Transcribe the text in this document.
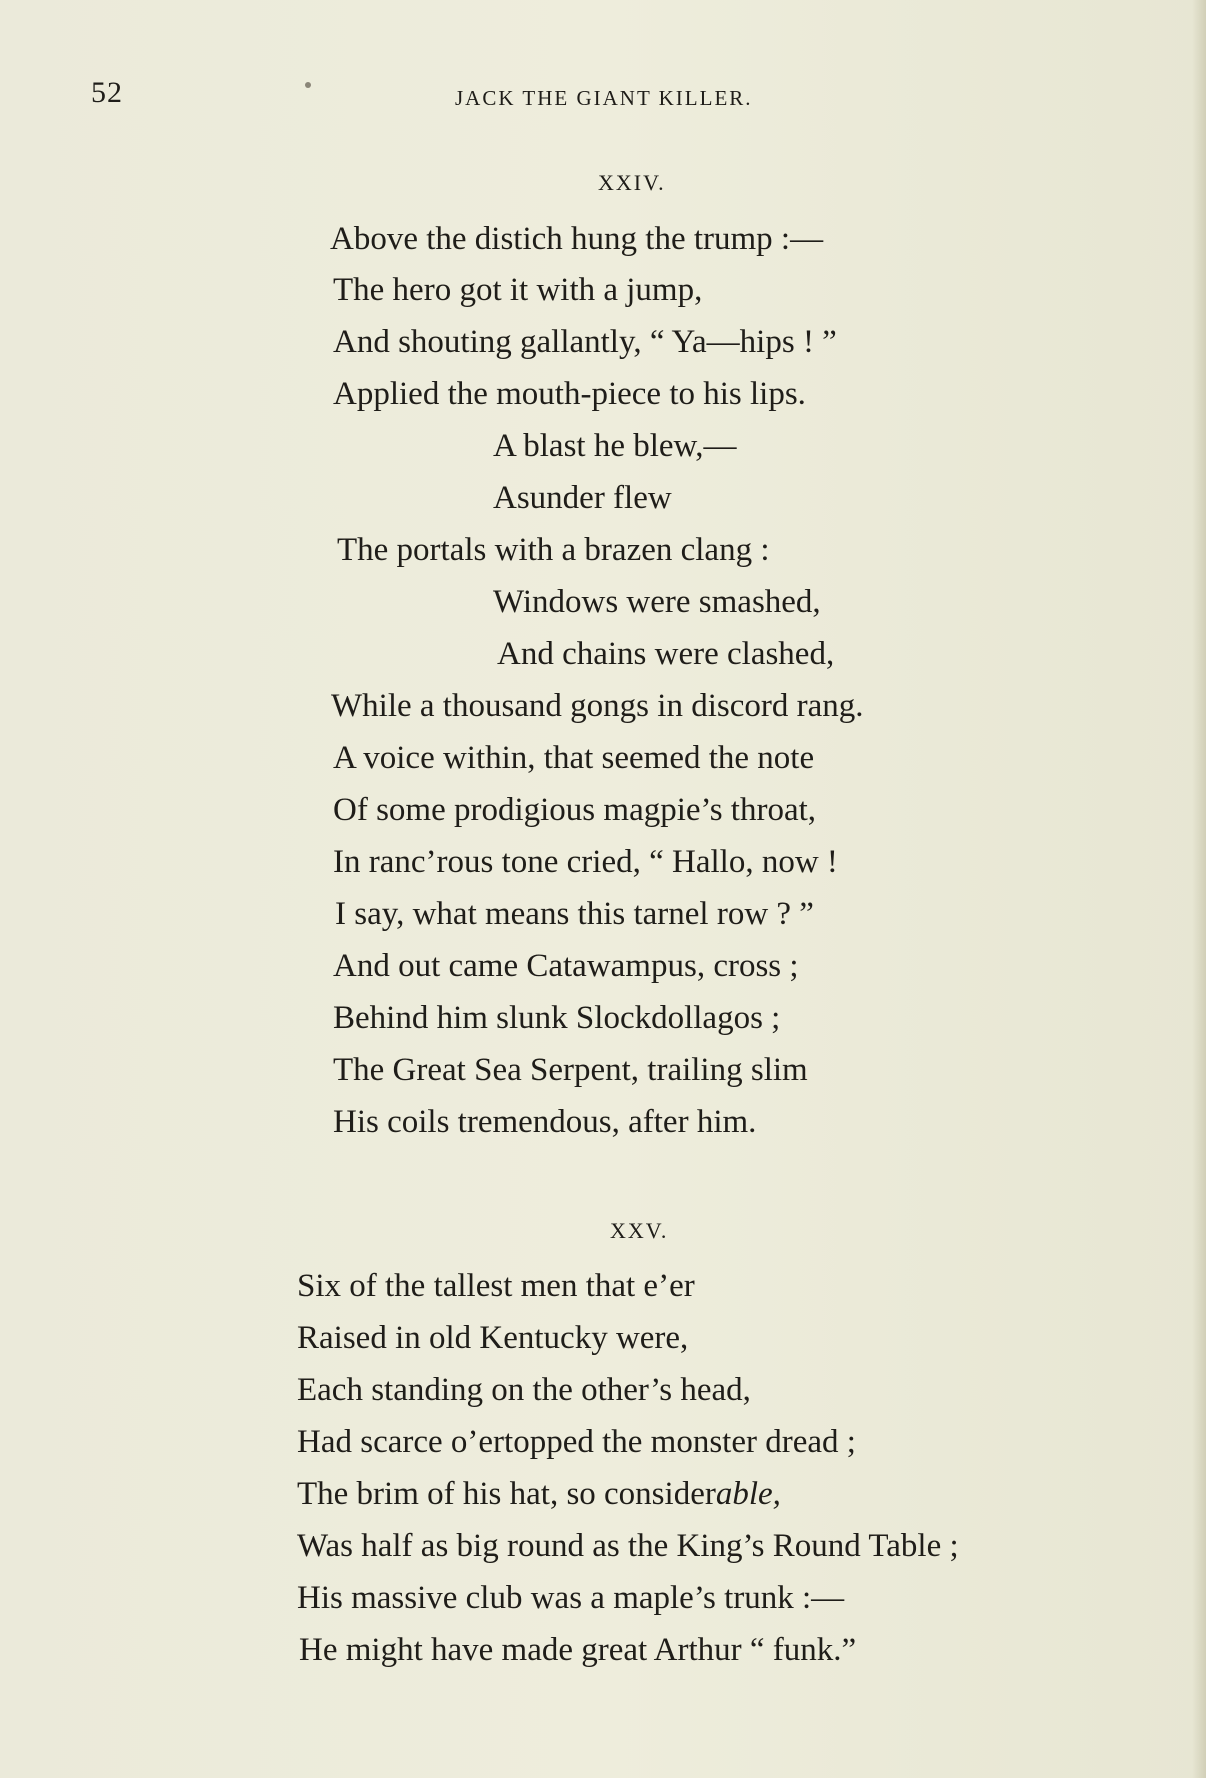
52	JACK THE GIANT KILLER.
XXIV.
Above the distich hung the trump :—
The hero got it with a jump,
And shouting gallantly, “ Ya—hips ! ”
Applied the mouth-piece to his lips.
A blast he blew,—
Asunder flew
The portals with a brazen clang :
Windows were smashed,
And chains were clashed,
While a thousand gongs in discord rang.
A voice within, that seemed the note
Of some prodigious magpie’s throat,
In ranc’rous tone cried, “ Hallo, now !
I say, what means this tarnel row ? ”
And out came Catawampus, cross ;
Behind him slunk Slockdollagos ;
The Great Sea Serpent, trailing slim
His coils tremendous, after him.
XXV.
Six of the tallest men that e’er
Raised in old Kentucky were,
Each standing on the other’s head,
Had scarce o’ertopped the monster dread ;
The brim of his hat, so considerable,
Was half as big round as the King’s Round Table ;
His massive club was a maple’s trunk :—
He might have made great Arthur “ funk.”
